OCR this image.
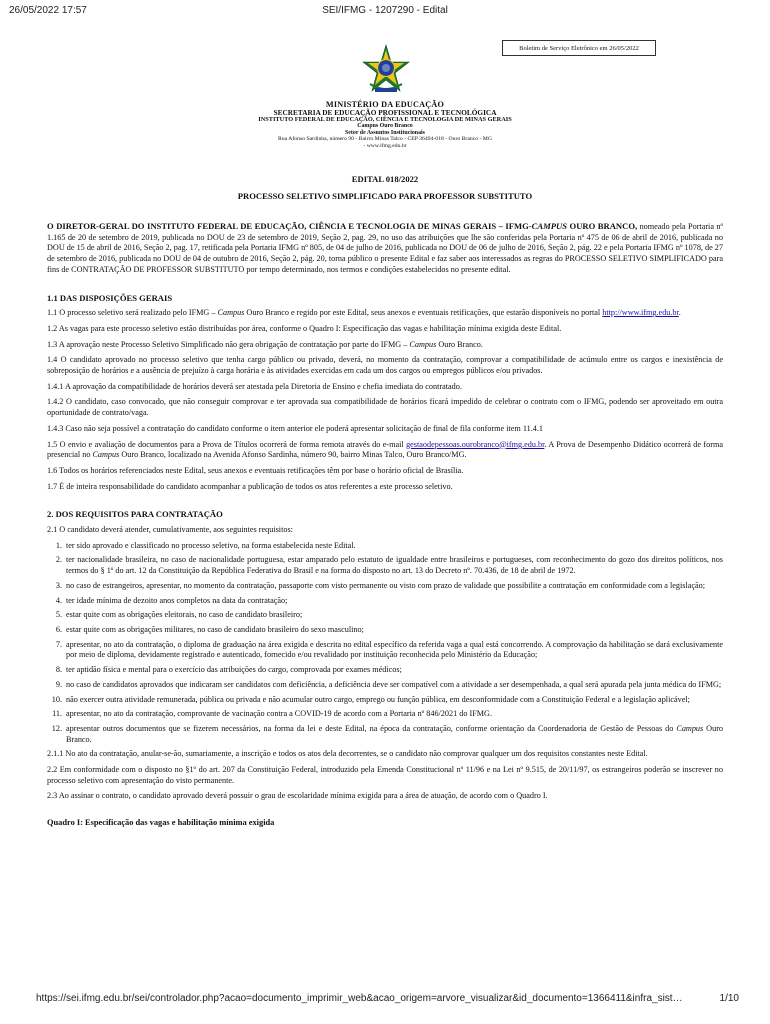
26/05/2022 17:57	SEI/IFMG - 1207290 - Edital
Boletim de Serviço Eletrônico em 26/05/2022
MINISTÉRIO DA EDUCAÇÃO
SECRETARIA DE EDUCAÇÃO PROFISSIONAL E TECNOLÓGICA
INSTITUTO FEDERAL DE EDUCAÇÃO, CIÊNCIA E TECNOLOGIA DE MINAS GERAIS
Campus Ouro Branco
Setor de Assuntos Institucionais
Rua Afonso Sardinha, número 90 - Bairro Minas Talco - CEP 36494-018 - Ouro Branco - MG
- www.ifmg.edu.br
EDITAL 018/2022
PROCESSO SELETIVO SIMPLIFICADO PARA PROFESSOR SUBSTITUTO

O DIRETOR-GERAL DO INSTITUTO FEDERAL DE EDUCAÇÃO, CIÊNCIA E TECNOLOGIA DE MINAS GERAIS – IFMG-CAMPUS OURO BRANCO, nomeado pela Portaria nº 1.165 de 20 de setembro de 2019, publicada no DOU de 23 de setembro de 2019, Seção 2, pag. 29, no uso das atribuições que lhe são conferidas pela Portaria nº 475 de 06 de abril de 2016, publicada no DOU de 15 de abril de 2016, Seção 2, pag. 17, retificada pela Portaria IFMG nº 805, de 04 de julho de 2016, publicada no DOU de 06 de julho de 2016, Seção 2, pág. 22 e pela Portaria IFMG nº 1078, de 27 de setembro de 2016, publicada no DOU de 04 de outubro de 2016, Seção 2, pág. 20, torna público o presente Edital e faz saber aos interessados as regras do PROCESSO SELETIVO SIMPLIFICADO para fins de CONTRATAÇÃO DE PROFESSOR SUBSTITUTO por tempo determinado, nos termos e condições estabelecidos no presente edital.

1.1 DAS DISPOSIÇÕES GERAIS

1.1 O processo seletivo será realizado pelo IFMG – Campus Ouro Branco e regido por este Edital, seus anexos e eventuais retificações, que estarão disponíveis no portal http://www.ifmg.edu.br.

1.2 As vagas para este processo seletivo estão distribuídas por área, conforme o Quadro I: Especificação das vagas e habilitação mínima exigida deste Edital.

1.3 A aprovação neste Processo Seletivo Simplificado não gera obrigação de contratação por parte do IFMG – Campus Ouro Branco.

1.4 O candidato aprovado no processo seletivo que tenha cargo público ou privado, deverá, no momento da contratação, comprovar a compatibilidade de acúmulo entre os cargos e inexistência de sobreposição de horários e a ausência de prejuízo à carga horária e às atividades exercidas em cada um dos cargos ou empregos públicos e/ou privados.

1.4.1 A aprovação da compatibilidade de horários deverá ser atestada pela Diretoria de Ensino e chefia imediata do contratado.

1.4.2 O candidato, caso convocado, que não conseguir comprovar e ter aprovada sua compatibilidade de horários ficará impedido de celebrar o contrato com o IFMG, podendo ser aproveitado em outra oportunidade de contrato/vaga.

1.4.3 Caso não seja possível a contratação do candidato conforme o item anterior ele poderá apresentar solicitação de final de fila conforme item 11.4.1

1.5 O envio e avaliação de documentos para a Prova de Títulos ocorrerá de forma remota através do e-mail gestaodepessoas.ourobranco@ifmg.edu.br. A Prova de Desempenho Didático ocorrerá de forma presencial no Campus Ouro Branco, localizado na Avenida Afonso Sardinha, número 90, bairro Minas Talco, Ouro Branco/MG.

1.6 Todos os horários referenciados neste Edital, seus anexos e eventuais retificações têm por base o horário oficial de Brasília.

1.7 É de inteira responsabilidade do candidato acompanhar a publicação de todos os atos referentes a este processo seletivo.

2. DOS REQUISITOS PARA CONTRATAÇÃO

2.1 O candidato deverá atender, cumulativamente, aos seguintes requisitos:

1. ter sido aprovado e classificado no processo seletivo, na forma estabelecida neste Edital.
2. ter nacionalidade brasileira, no caso de nacionalidade portuguesa, estar amparado pelo estatuto de igualdade entre brasileiros e portugueses, com reconhecimento do gozo dos direitos políticos, nos termos do § 1º do art. 12 da Constituição da República Federativa do Brasil e na forma do disposto no art. 13 do Decreto nº. 70.436, de 18 de abril de 1972.
3. no caso de estrangeiros, apresentar, no momento da contratação, passaporte com visto permanente ou visto com prazo de validade que possibilite a contratação em conformidade com a legislação;
4. ter idade mínima de dezoito anos completos na data da contratação;
5. estar quite com as obrigações eleitorais, no caso de candidato brasileiro;
6. estar quite com as obrigações militares, no caso de candidato brasileiro do sexo masculino;
7. apresentar, no ato da contratação, o diploma de graduação na área exigida e descrita no edital específico da referida vaga a qual está concorrendo. A comprovação da habilitação se dará exclusivamente por meio de diploma, devidamente registrado e autenticado, fornecido e/ou revalidado por instituição reconhecida pelo Ministério da Educação;
8. ter aptidão física e mental para o exercício das atribuições do cargo, comprovada por exames médicos;
9. no caso de candidatos aprovados que indicaram ser candidatos com deficiência, a deficiência deve ser compatível com a atividade a ser desempenhada, a qual será apurada pela junta médica do IFMG;
10. não exercer outra atividade remunerada, pública ou privada e não acumular outro cargo, emprego ou função pública, em desconformidade com a Constituição Federal e a legislação aplicável;
11. apresentar, no ato da contratação, comprovante de vacinação contra a COVID-19 de acordo com a Portaria nº 846/2021 do IFMG.
12. apresentar outros documentos que se fizerem necessários, na forma da lei e deste Edital, na época da contratação, conforme orientação da Coordenadoria de Gestão de Pessoas do Campus Ouro Branco.

2.1.1 No ato da contratação, anular-se-ão, sumariamente, a inscrição e todos os atos dela decorrentes, se o candidato não comprovar qualquer um dos requisitos constantes neste Edital.

2.2 Em conformidade com o disposto no §1º do art. 207 da Constituição Federal, introduzido pela Emenda Constitucional nº 11/96 e na Lei nº 9.515, de 20/11/97, os estrangeiros poderão se inscrever no processo seletivo com apresentação do visto permanente.

2.3 Ao assinar o contrato, o candidato aprovado deverá possuir o grau de escolaridade mínima exigida para a área de atuação, de acordo com o Quadro I.

Quadro I: Especificação das vagas e habilitação mínima exigida

https://sei.ifmg.edu.br/sei/controlador.php?acao=documento_imprimir_web&acao_origem=arvore_visualizar&id_documento=1366411&infra_sist…	1/10
